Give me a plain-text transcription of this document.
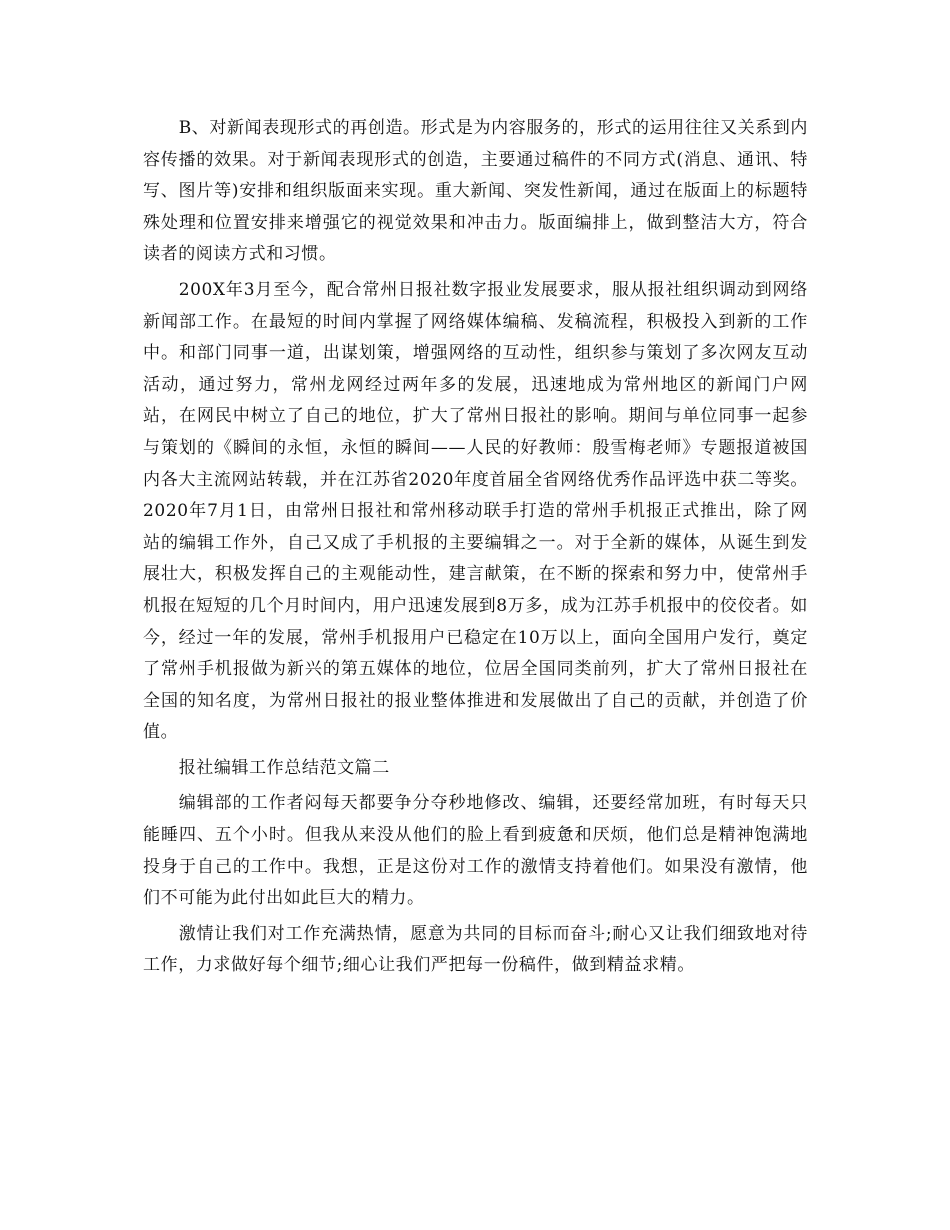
B、对新闻表现形式的再创造。形式是为内容服务的，形式的运用往往又关系到内容传播的效果。对于新闻表现形式的创造，主要通过稿件的不同方式(消息、通讯、特写、图片等)安排和组织版面来实现。重大新闻、突发性新闻，通过在版面上的标题特殊处理和位置安排来增强它的视觉效果和冲击力。版面编排上，做到整洁大方，符合读者的阅读方式和习惯。

200X年3月至今，配合常州日报社数字报业发展要求，服从报社组织调动到网络新闻部工作。在最短的时间内掌握了网络媒体编稿、发稿流程，积极投入到新的工作中。和部门同事一道，出谋划策，增强网络的互动性，组织参与策划了多次网友互动活动，通过努力，常州龙网经过两年多的发展，迅速地成为常州地区的新闻门户网站，在网民中树立了自己的地位，扩大了常州日报社的影响。期间与单位同事一起参与策划的《瞬间的永恒，永恒的瞬间——人民的好教师：殷雪梅老师》专题报道被国内各大主流网站转载，并在江苏省2020年度首届全省网络优秀作品评选中获二等奖。2020年7月1日，由常州日报社和常州移动联手打造的常州手机报正式推出，除了网站的编辑工作外，自己又成了手机报的主要编辑之一。对于全新的媒体，从诞生到发展壮大，积极发挥自己的主观能动性，建言献策，在不断的探索和努力中，使常州手机报在短短的几个月时间内，用户迅速发展到8万多，成为江苏手机报中的佼佼者。如今，经过一年的发展，常州手机报用户已稳定在10万以上，面向全国用户发行，奠定了常州手机报做为新兴的第五媒体的地位，位居全国同类前列，扩大了常州日报社在全国的知名度，为常州日报社的报业整体推进和发展做出了自己的贡献，并创造了价值。

报社编辑工作总结范文篇二

编辑部的工作者闷每天都要争分夺秒地修改、编辑，还要经常加班，有时每天只能睡四、五个小时。但我从来没从他们的脸上看到疲惫和厌烦，他们总是精神饱满地投身于自己的工作中。我想，正是这份对工作的激情支持着他们。如果没有激情，他们不可能为此付出如此巨大的精力。

激情让我们对工作充满热情，愿意为共同的目标而奋斗;耐心又让我们细致地对待工作，力求做好每个细节;细心让我们严把每一份稿件，做到精益求精。
